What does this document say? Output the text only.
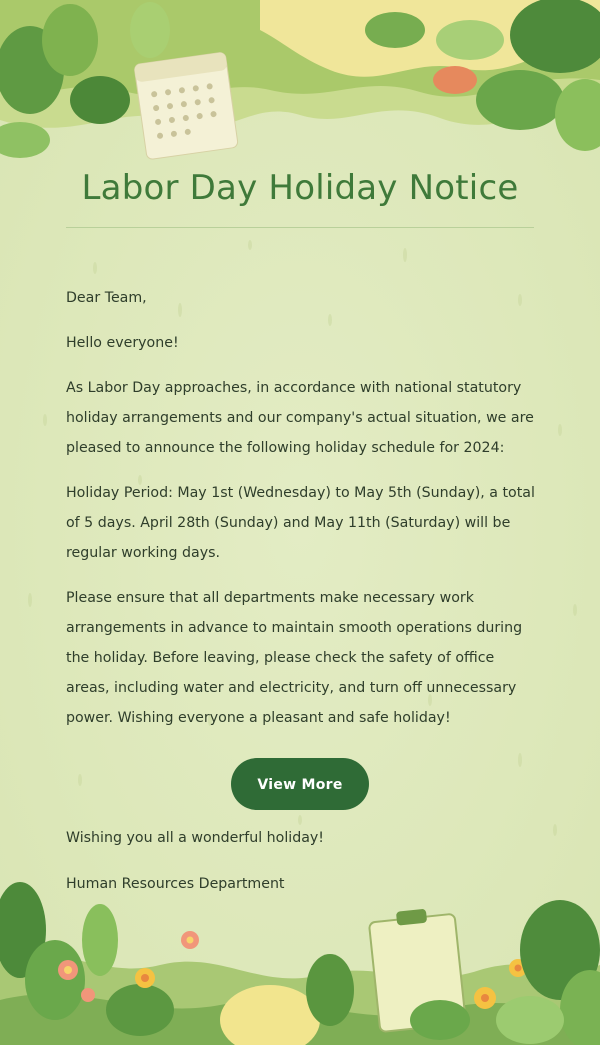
Labor Day Holiday Notice

Dear Team,

Hello everyone!

As Labor Day approaches, in accordance with national statutory holiday arrangements and our company's actual situation, we are pleased to announce the following holiday schedule for 2024:

Holiday Period: May 1st (Wednesday) to May 5th (Sunday), a total of 5 days. April 28th (Sunday) and May 11th (Saturday) will be regular working days.

Please ensure that all departments make necessary work arrangements in advance to maintain smooth operations during the holiday. Before leaving, please check the safety of office areas, including water and electricity, and turn off unnecessary power. Wishing everyone a pleasant and safe holiday!

View More

Wishing you all a wonderful holiday!

Human Resources Department
